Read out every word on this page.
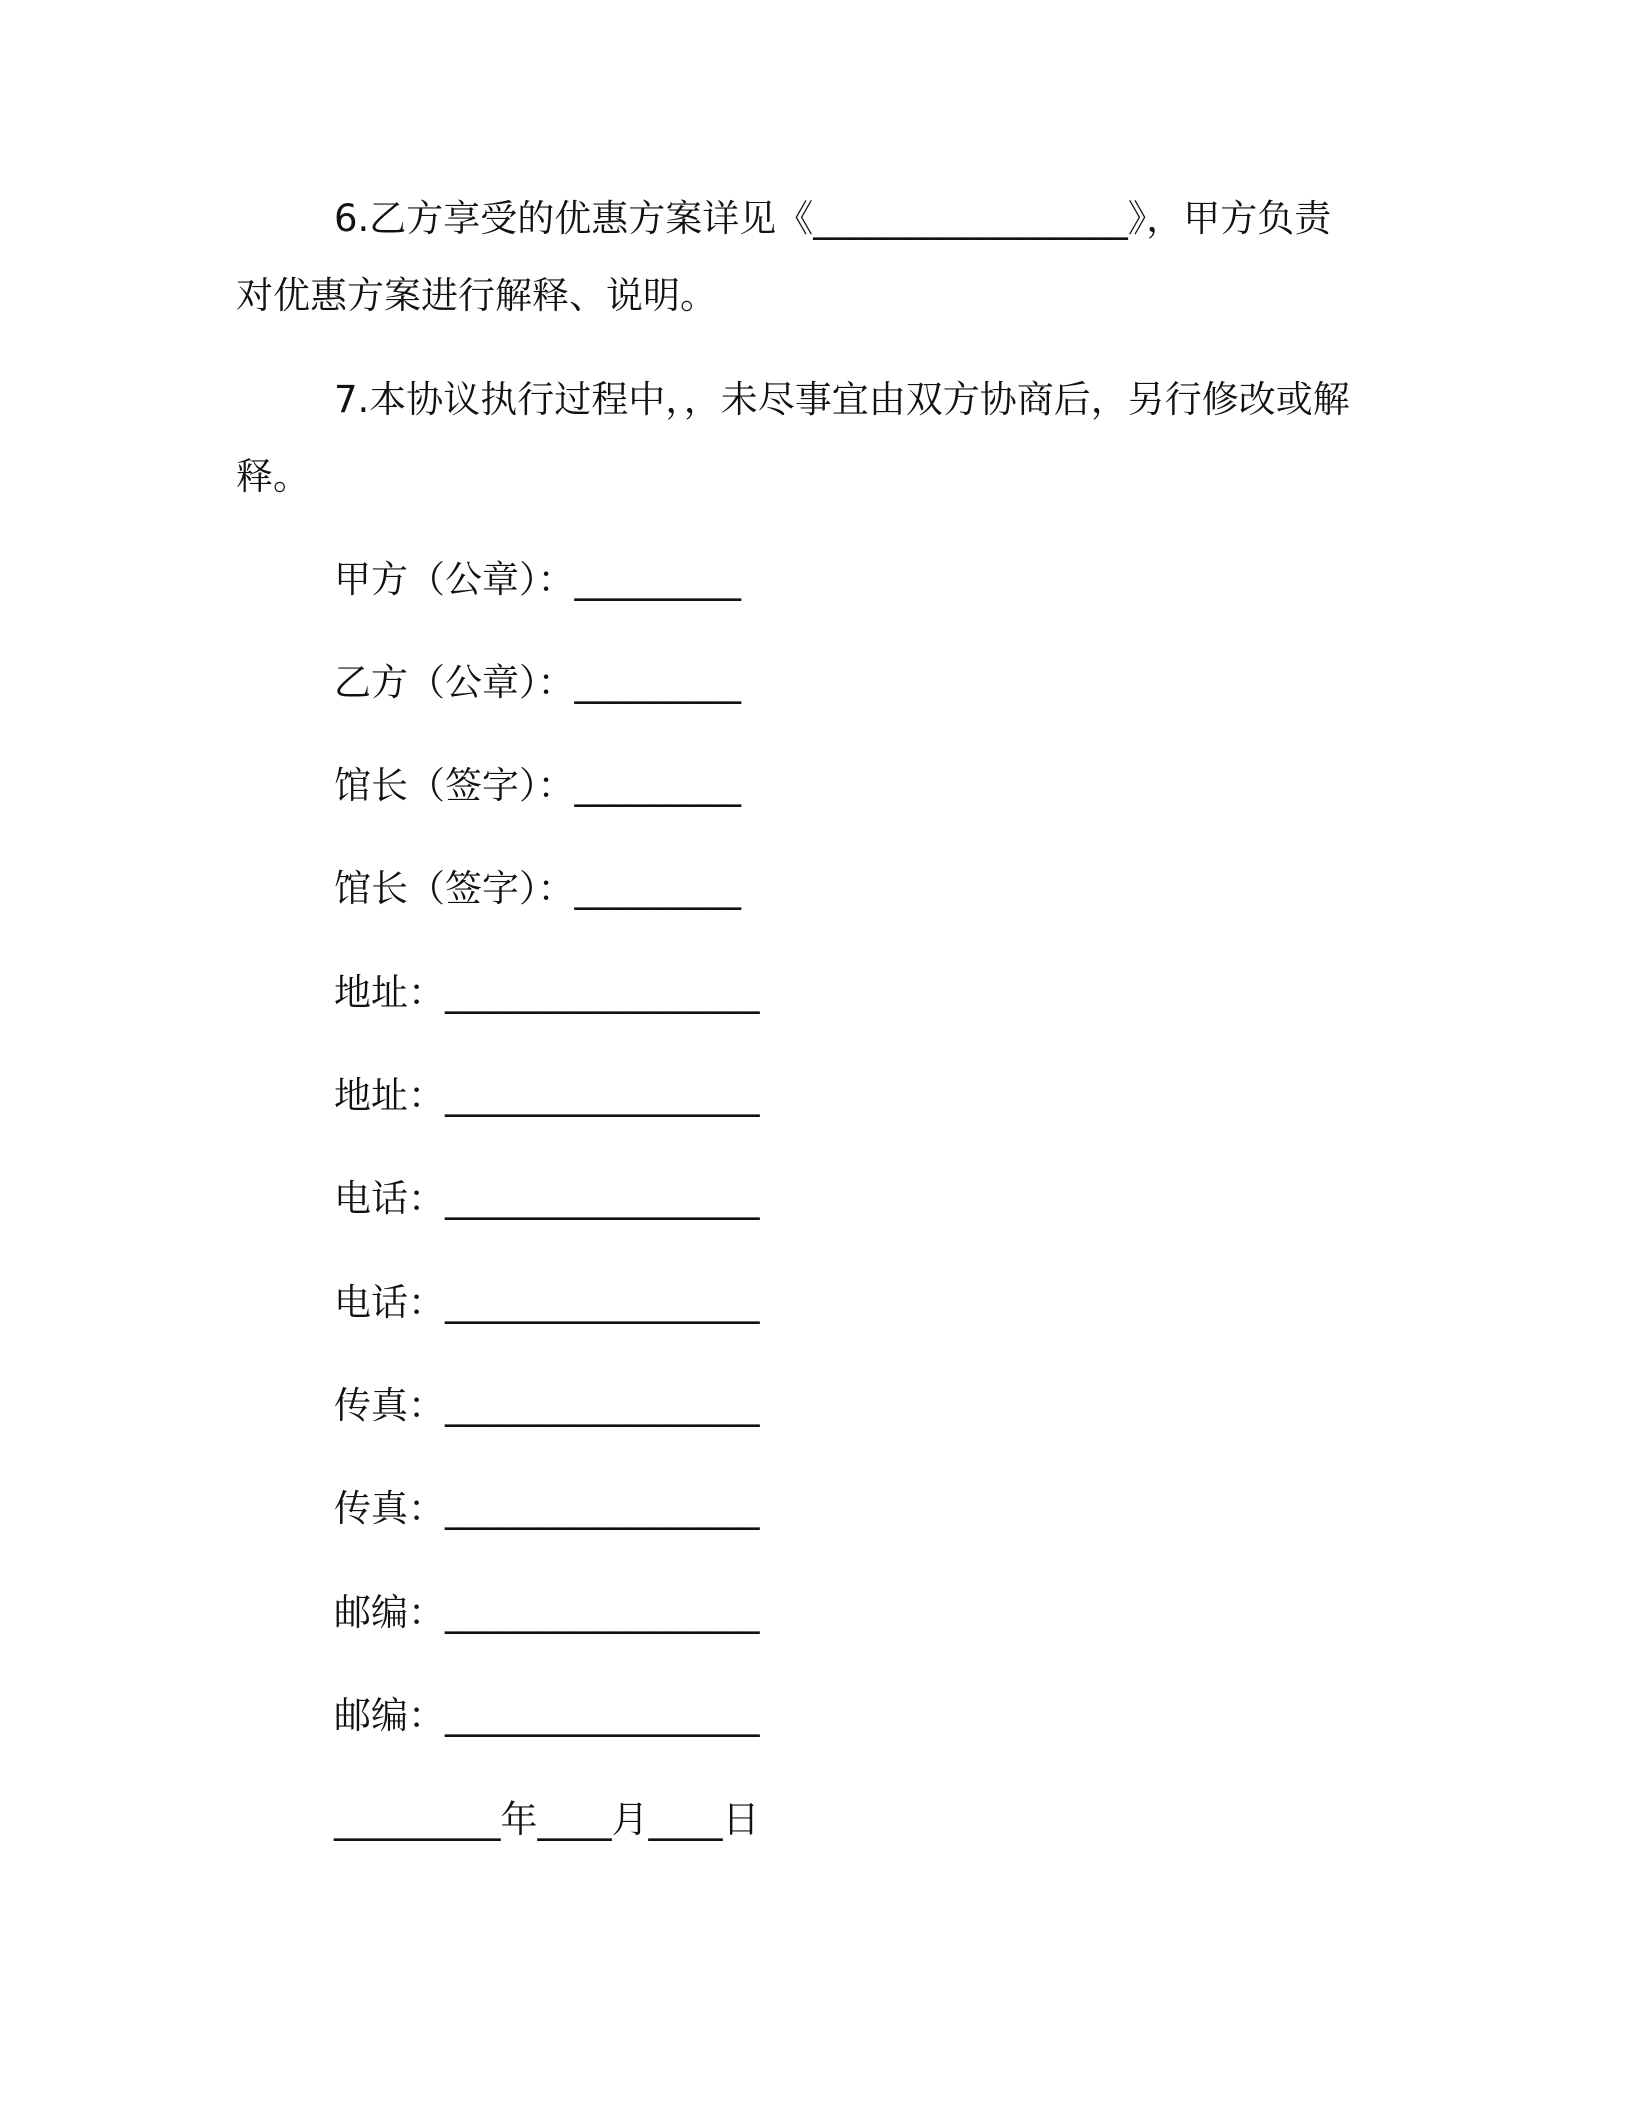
6.乙方享受的优惠方案详见《_________________》，甲方负责对优惠方案进行解释、说明。

7.本协议执行过程中，，未尽事宜由双方协商后，另行修改或解释。

甲方（公章）：_________

乙方（公章）：_________

馆长（签字）：_________

馆长（签字）：_________

地址：_________________

地址：_________________

电话：_________________

电话：_________________

传真：_________________

传真：_________________

邮编：_________________

邮编：_________________

_________年____月____日
